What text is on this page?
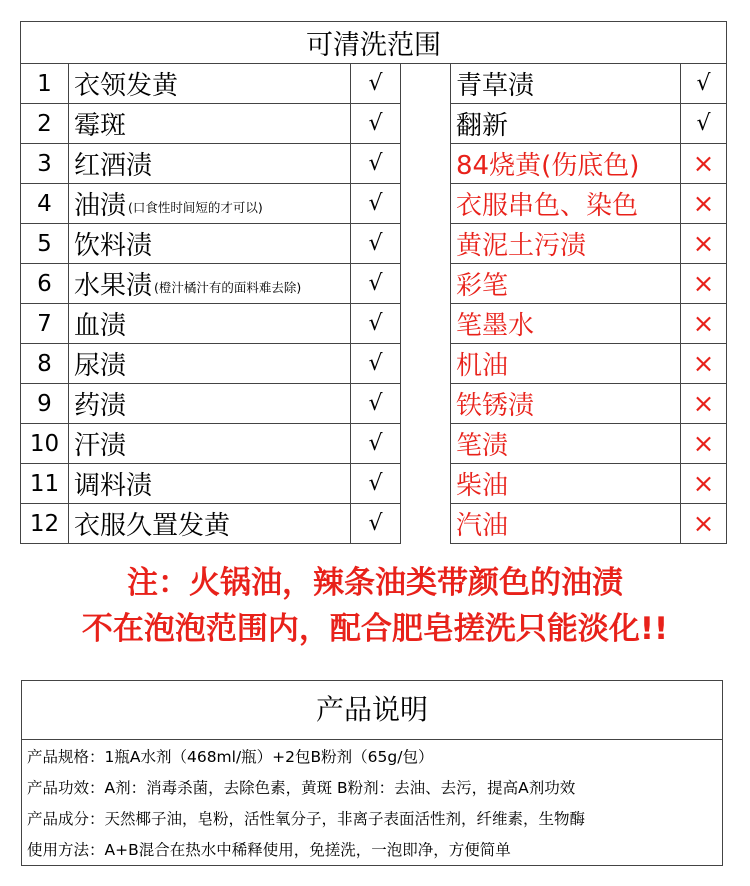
可清洗范围					
1	衣领发黄	√		青草渍	√
2	霉斑	√		翻新	√
3	红酒渍	√		84烧黄(伤底色)	×
4	油渍 (口食性时间短的才可以)	√		衣服串色、染色	×
5	饮料渍	√		黄泥土污渍	×
6	水果渍 (橙汁橘汁有的面料难去除)	√		彩笔	×
7	血渍	√		笔墨水	×
8	尿渍	√		机油	×
9	药渍	√		铁锈渍	×
10	汗渍	√		笔渍	×
11	调料渍	√		柴油	×
12	衣服久置发黄	√		汽油	×
注：火锅油，辣条油类带颜色的油渍
不在泡泡范围内，配合肥皂搓洗只能淡化!!
产品说明
产品规格：1瓶A水剂（468ml/瓶）+2包B粉剂（65g/包）
产品功效：A剂：消毒杀菌，去除色素，黄斑 B粉剂：去油、去污，提高A剂功效
产品成分：天然椰子油，皂粉，活性氧分子，非离子表面活性剂，纤维素，生物酶
使用方法：A+B混合在热水中稀释使用，免搓洗，一泡即净，方便简单
